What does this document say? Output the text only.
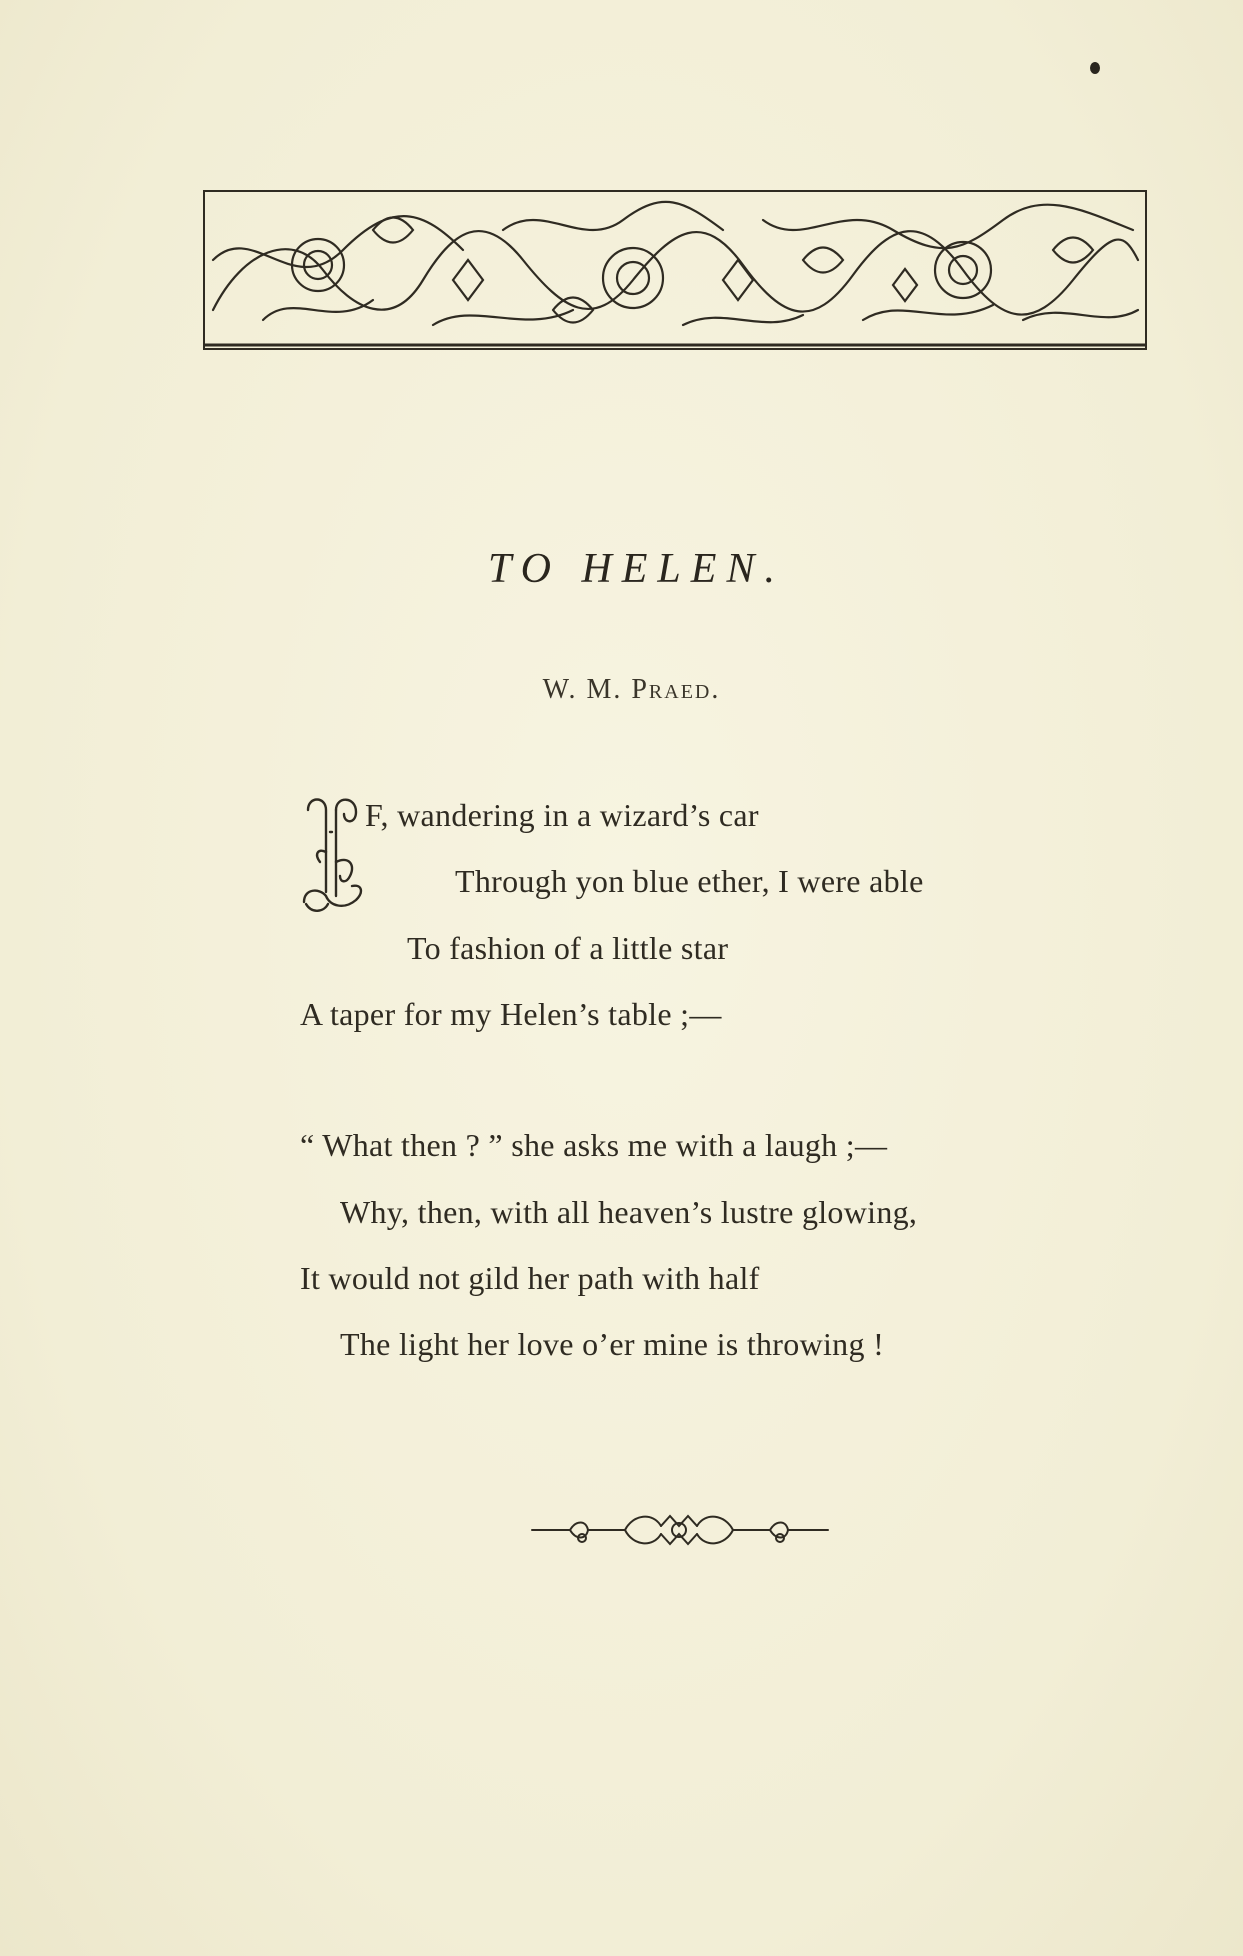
TO HELEN.
W. M. Praed.
F, wandering in a wizard’s car
Through yon blue ether, I were able
To fashion of a little star
A taper for my Helen’s table ;—
“ What then ? ” she asks me with a laugh ;—
Why, then, with all heaven’s lustre glowing,
It would not gild her path with half
The light her love o’er mine is throwing !
